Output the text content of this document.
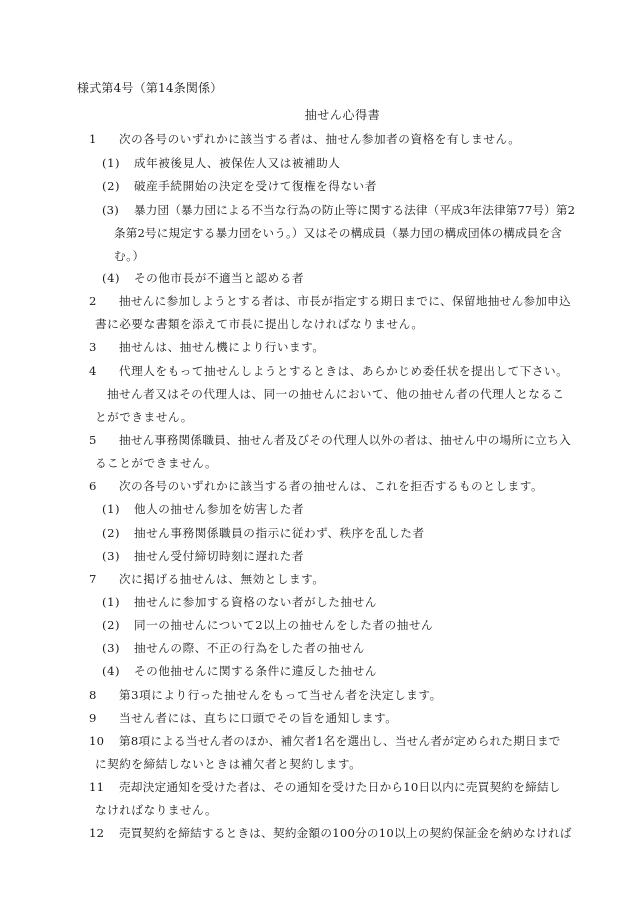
様式第4号（第14条関係）
抽せん心得書
1 次の各号のいずれかに該当する者は、抽せん参加者の資格を有しません。
(1) 成年被後見人、被保佐人又は被補助人
(2) 破産手続開始の決定を受けて復権を得ない者
(3) 暴力団（暴力団による不当な行為の防止等に関する法律（平成3年法律第77号）第2
条第2号に規定する暴力団をいう。）又はその構成員（暴力団の構成団体の構成員を含
む。）
(4) その他市長が不適当と認める者
2 抽せんに参加しようとする者は、市長が指定する期日までに、保留地抽せん参加申込
書に必要な書類を添えて市長に提出しなければなりません。
3 抽せんは、抽せん機により行います。
4 代理人をもって抽せんしようとするときは、あらかじめ委任状を提出して下さい。
抽せん者又はその代理人は、同一の抽せんにおいて、他の抽せん者の代理人となるこ
とができません。
5 抽せん事務関係職員、抽せん者及びその代理人以外の者は、抽せん中の場所に立ち入
ることができません。
6 次の各号のいずれかに該当する者の抽せんは、これを拒否するものとします。
(1) 他人の抽せん参加を妨害した者
(2) 抽せん事務関係職員の指示に従わず、秩序を乱した者
(3) 抽せん受付締切時刻に遅れた者
7 次に掲げる抽せんは、無効とします。
(1) 抽せんに参加する資格のない者がした抽せん
(2) 同一の抽せんについて2以上の抽せんをした者の抽せん
(3) 抽せんの際、不正の行為をした者の抽せん
(4) その他抽せんに関する条件に違反した抽せん
8 第3項により行った抽せんをもって当せん者を決定します。
9 当せん者には、直ちに口頭でその旨を通知します。
10 第8項による当せん者のほか、補欠者1名を選出し、当せん者が定められた期日まで
に契約を締結しないときは補欠者と契約します。
11 売却決定通知を受けた者は、その通知を受けた日から10日以内に売買契約を締結し
なければなりません。
12 売買契約を締結するときは、契約金額の100分の10以上の契約保証金を納めなければ
